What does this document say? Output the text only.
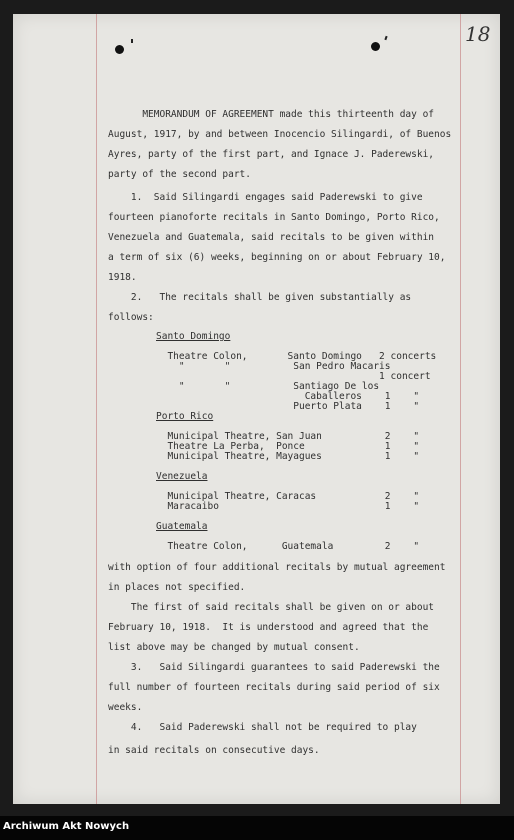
18
MEMORANDUM OF AGREEMENT made this thirteenth day of
August, 1917, by and between Inocencio Silingardi, of Buenos
Ayres, party of the first part, and Ignace J. Paderewski,
party of the second part.
1.  Said Silingardi engages said Paderewski to give
fourteen pianoforte recitals in Santo Domingo, Porto Rico,
Venezuela and Guatemala, said recitals to be given within
a term of six (6) weeks, beginning on or about February 10,
1918.
2.   The recitals shall be given substantially as
follows:
Santo Domingo
Theatre Colon,       Santo Domingo   2 concerts
"       "           San Pedro Macaris
1 concert
"       "           Santiago De los
Caballeros    1    "
Puerto Plata    1    "
Porto Rico
Municipal Theatre, San Juan           2    "
Theatre La Perba,  Ponce              1    "
Municipal Theatre, Mayagues           1    "
Venezuela
Municipal Theatre, Caracas            2    "
Maracaibo                             1    "
Guatemala
Theatre Colon,      Guatemala         2    "
with option of four additional recitals by mutual agreement
in places not specified.
The first of said recitals shall be given on or about
February 10, 1918.  It is understood and agreed that the
list above may be changed by mutual consent.
3.   Said Silingardi guarantees to said Paderewski the
full number of fourteen recitals during said period of six
weeks.
4.   Said Paderewski shall not be required to play
in said recitals on consecutive days.
Archiwum Akt Nowych
